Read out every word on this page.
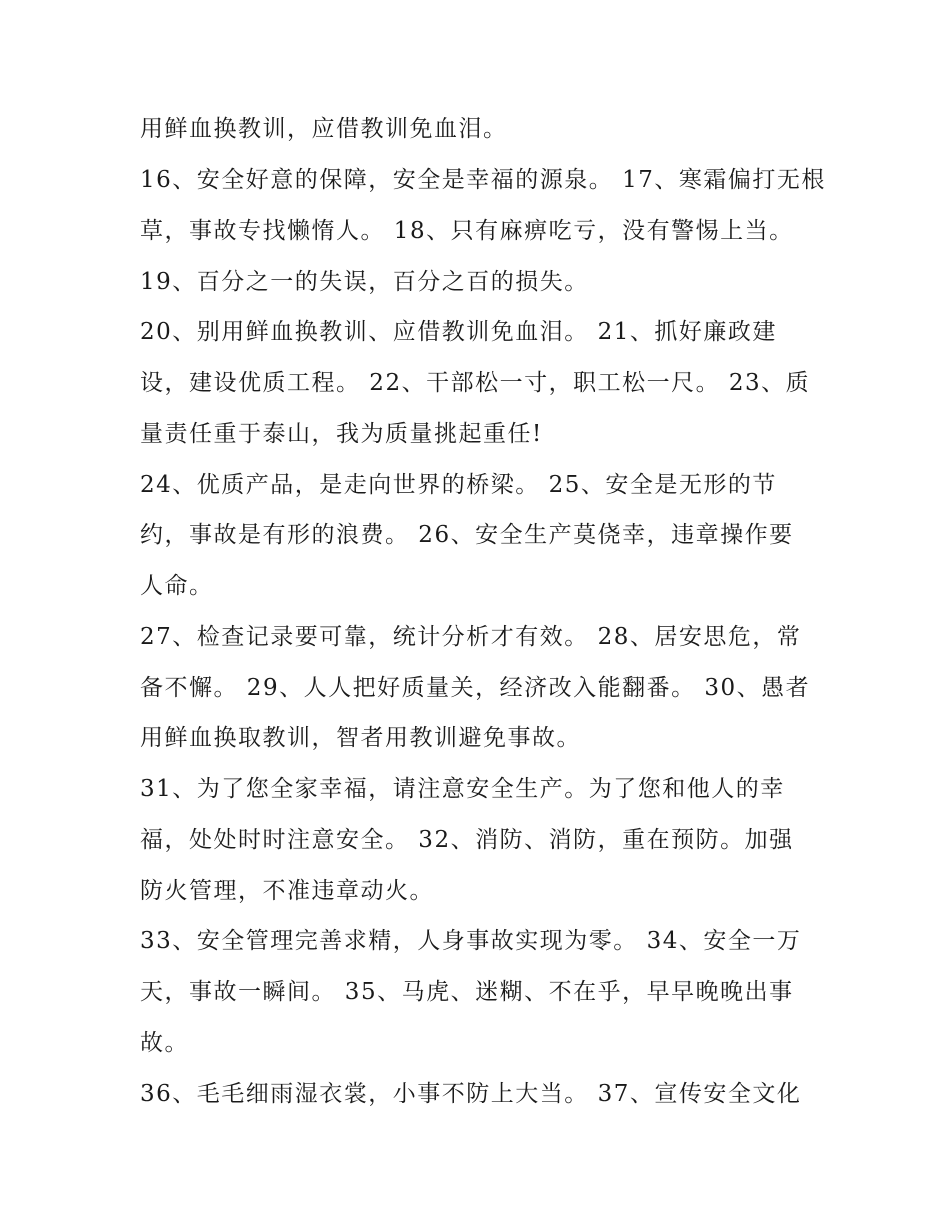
用鲜血换教训，应借教训免血泪。
16、安全好意的保障，安全是幸福的源泉。 17、寒霜偏打无根
草，事故专找懒惰人。 18、只有麻痹吃亏，没有警惕上当。
19、百分之一的失误，百分之百的损失。
20、别用鲜血换教训、应借教训免血泪。 21、抓好廉政建
设，建设优质工程。 22、干部松一寸，职工松一尺。 23、质
量责任重于泰山，我为质量挑起重任!
24、优质产品，是走向世界的桥梁。 25、安全是无形的节
约，事故是有形的浪费。 26、安全生产莫侥幸，违章操作要
人命。
27、检查记录要可靠，统计分析才有效。 28、居安思危，常
备不懈。 29、人人把好质量关，经济改入能翻番。 30、愚者
用鲜血换取教训，智者用教训避免事故。
31、为了您全家幸福，请注意安全生产。为了您和他人的幸
福，处处时时注意安全。 32、消防、消防，重在预防。加强
防火管理，不准违章动火。
33、安全管理完善求精，人身事故实现为零。 34、安全一万
天，事故一瞬间。 35、马虎、迷糊、不在乎，早早晚晚出事
故。
36、毛毛细雨湿衣裳，小事不防上大当。 37、宣传安全文化
